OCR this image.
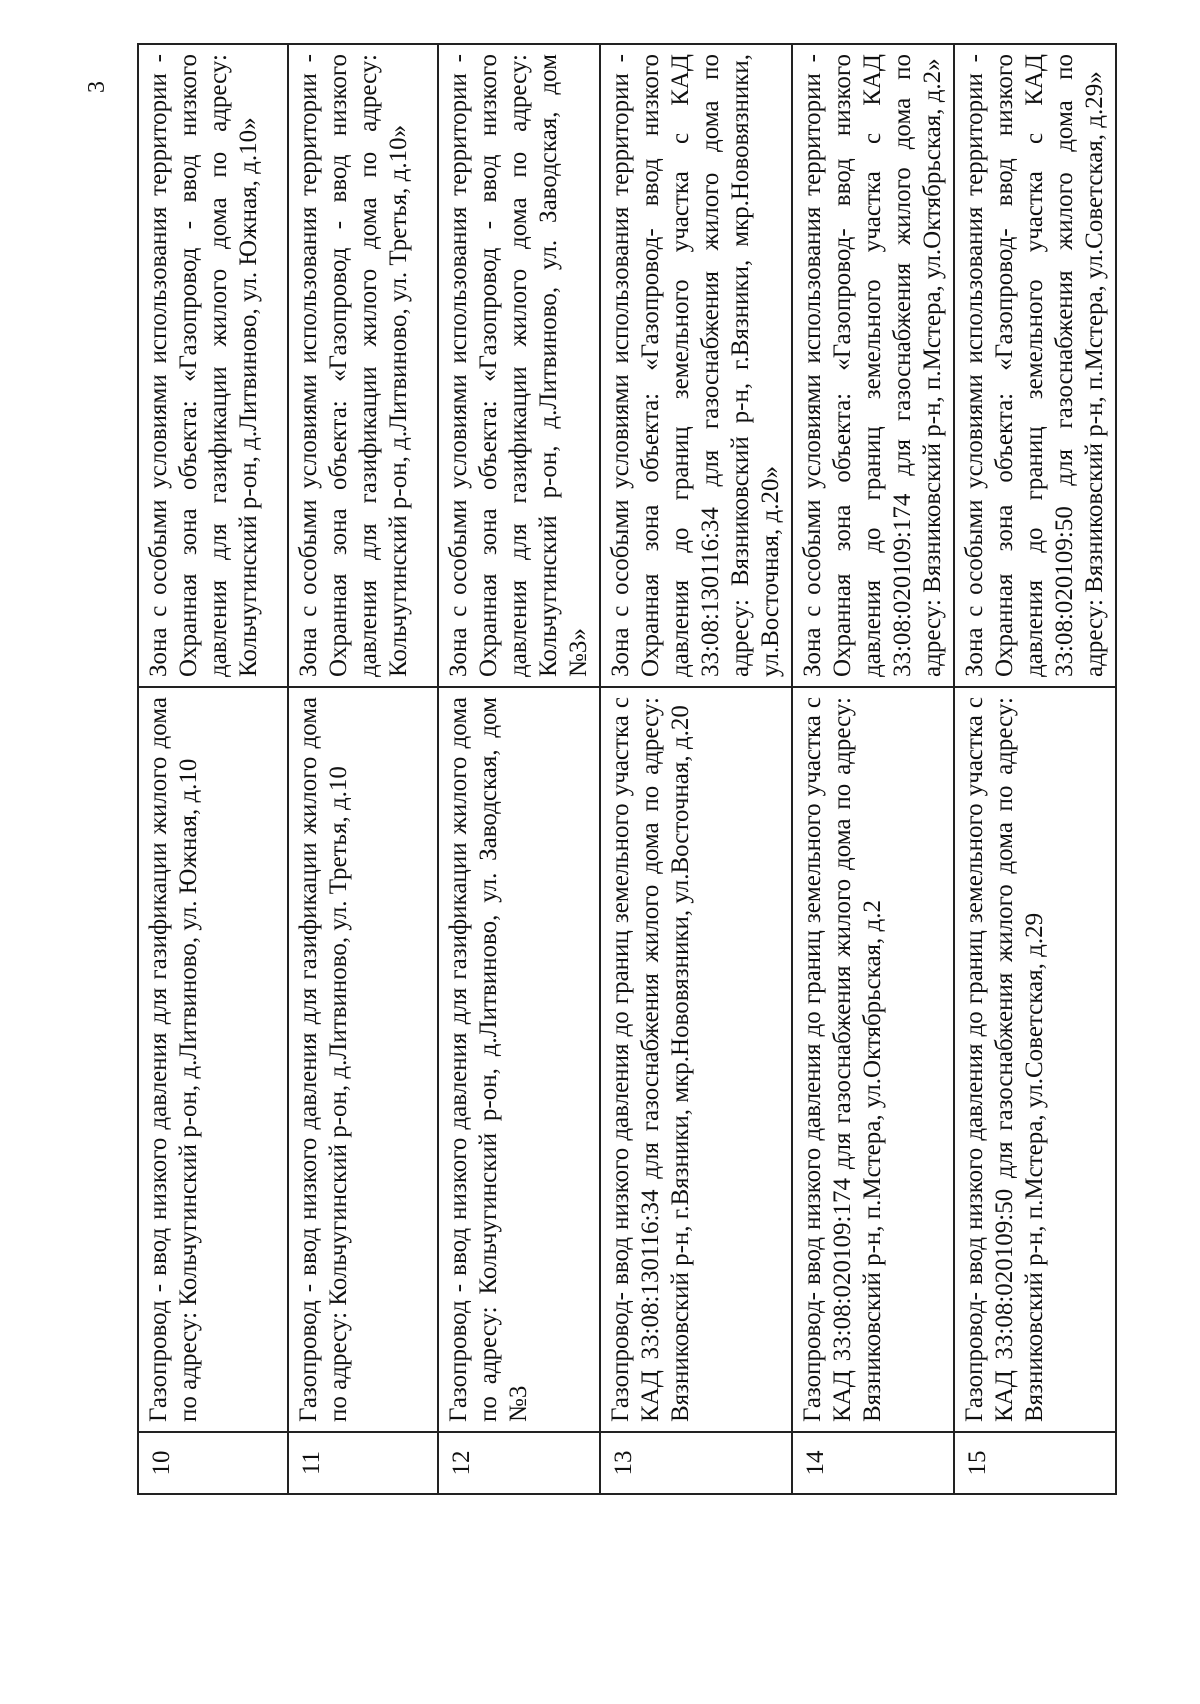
3
10	Газопровод - ввод низкого давления для газификации жилого дома по адресу: Кольчугинский р-он, д.Литвиново, ул. Южная, д.10	Зона с особыми условиями использования территории - Охранная зона объекта: «Газопровод - ввод низкого давления для газификации жилого дома по адресу: Кольчугинский р-он, д.Литвиново, ул. Южная, д.10»
11	Газопровод - ввод низкого давления для газификации жилого дома по адресу: Кольчугинский р-он, д.Литвиново, ул. Третья, д.10	Зона с особыми условиями использования территории - Охранная зона объекта: «Газопровод - ввод низкого давления для газификации жилого дома по адресу: Кольчугинский р-он, д.Литвиново, ул. Третья, д.10»
12	Газопровод - ввод низкого давления для газификации жилого дома по адресу: Кольчугинский р-он, д.Литвиново, ул. Заводская, дом №3	Зона с особыми условиями использования территории - Охранная зона объекта: «Газопровод - ввод низкого давления для газификации жилого дома по адресу: Кольчугинский р-он, д.Литвиново, ул. Заводская, дом №3»
13	Газопровод- ввод низкого давления до границ земельного участка с КАД 33:08:130116:34 для газоснабжения жилого дома по адресу: Вязниковский р-н, г.Вязники, мкр.Нововязники, ул.Восточная, д.20	Зона с особыми условиями использования территории - Охранная зона объекта: «Газопровод- ввод низкого давления до границ земельного участка с КАД 33:08:130116:34 для газоснабжения жилого дома по адресу: Вязниковский р-н, г.Вязники, мкр.Нововязники, ул.Восточная, д.20»
14	Газопровод- ввод низкого давления до границ земельного участка с КАД 33:08:020109:174 для газоснабжения жилого дома по адресу: Вязниковский р-н, п.Мстера, ул.Октябрьская, д.2	Зона с особыми условиями использования территории - Охранная зона объекта: «Газопровод- ввод низкого давления до границ земельного участка с КАД 33:08:020109:174 для газоснабжения жилого дома по адресу: Вязниковский р-н, п.Мстера, ул.Октябрьская, д.2»
15	Газопровод- ввод низкого давления до границ земельного участка с КАД 33:08:020109:50 для газоснабжения жилого дома по адресу: Вязниковский р-н, п.Мстера, ул.Советская, д.29	Зона с особыми условиями использования территории - Охранная зона объекта: «Газопровод- ввод низкого давления до границ земельного участка с КАД 33:08:020109:50 для газоснабжения жилого дома по адресу: Вязниковский р-н, п.Мстера, ул.Советская, д.29»
